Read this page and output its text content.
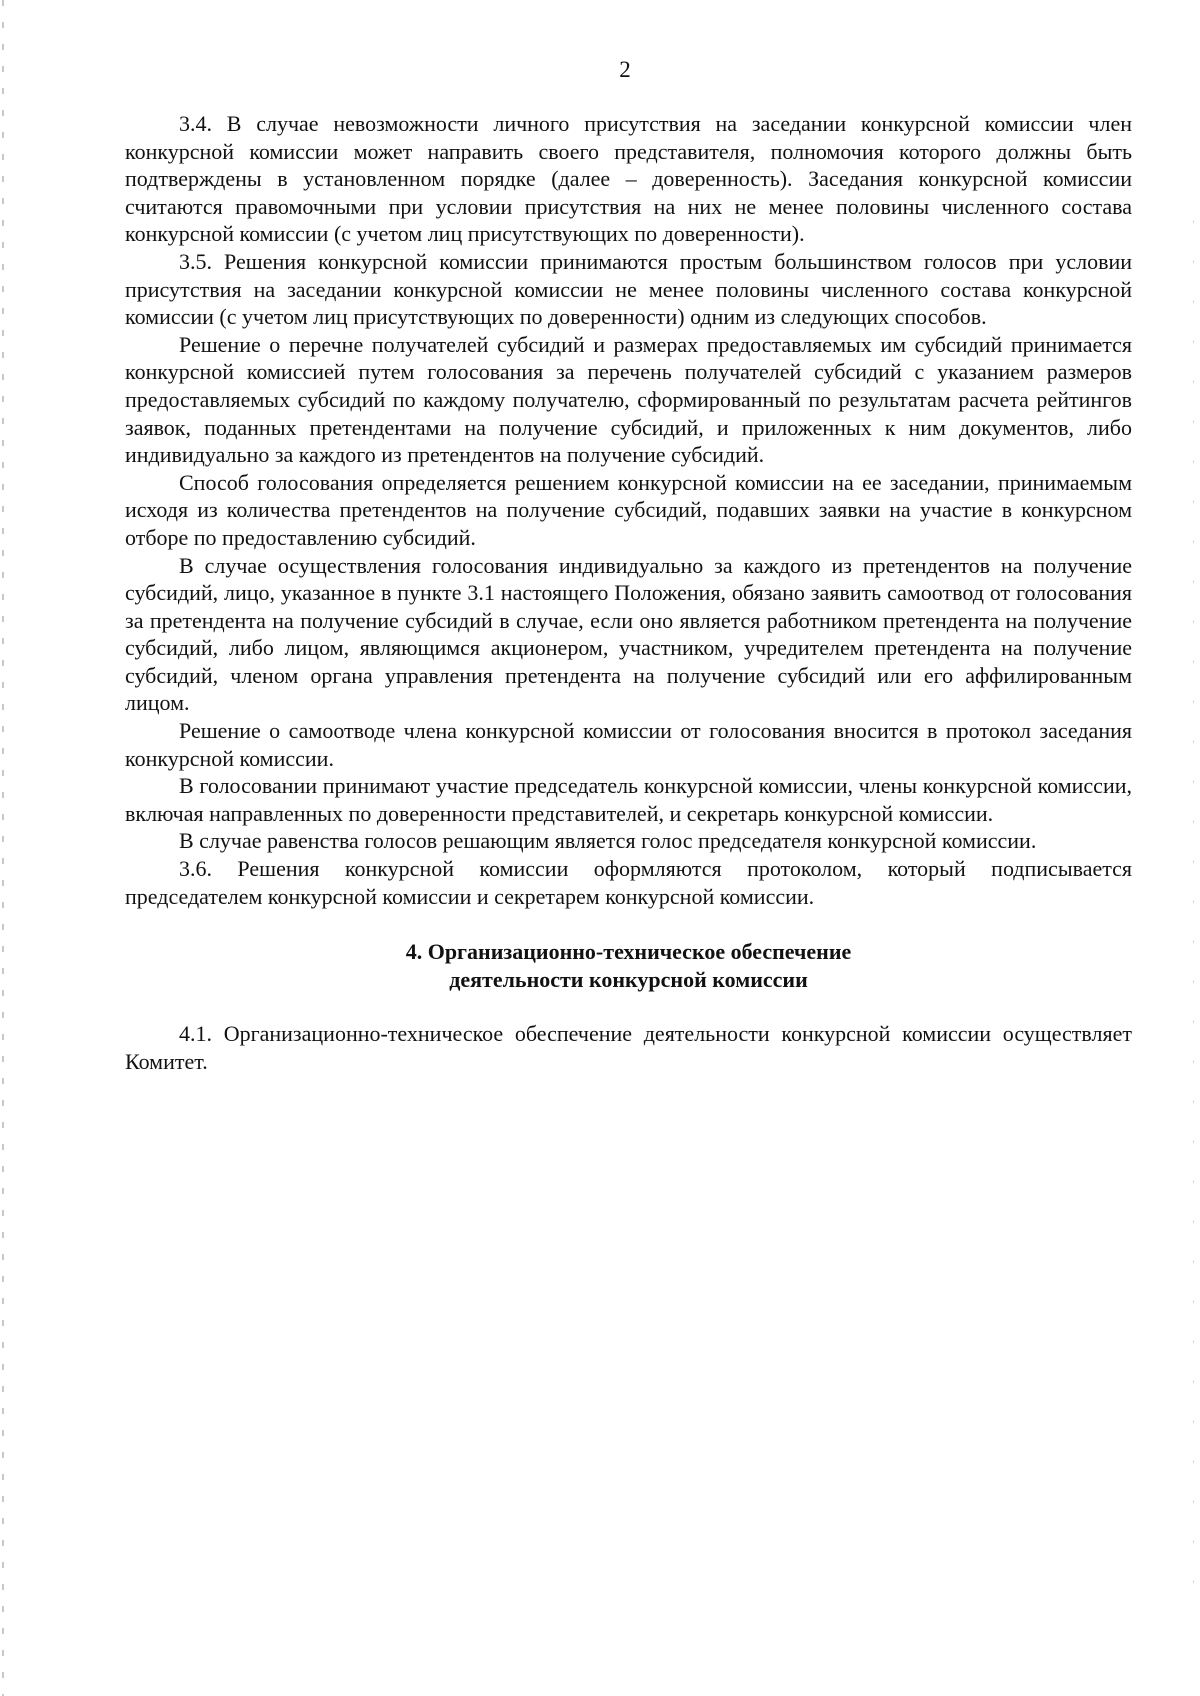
2

3.4. В случае невозможности личного присутствия на заседании конкурсной комиссии член конкурсной комиссии может направить своего представителя, полномочия которого должны быть подтверждены в установленном порядке (далее – доверенность). Заседания конкурсной комиссии считаются правомочными при условии присутствия на них не менее половины численного состава конкурсной комиссии (с учетом лиц присутствующих по доверенности).

3.5. Решения конкурсной комиссии принимаются простым большинством голосов при условии присутствия на заседании конкурсной комиссии не менее половины численного состава конкурсной комиссии (с учетом лиц присутствующих по доверенности) одним из следующих способов.

Решение о перечне получателей субсидий и размерах предоставляемых им субсидий принимается конкурсной комиссией путем голосования за перечень получателей субсидий с указанием размеров предоставляемых субсидий по каждому получателю, сформированный по результатам расчета рейтингов заявок, поданных претендентами на получение субсидий, и приложенных к ним документов, либо индивидуально за каждого из претендентов на получение субсидий.

Способ голосования определяется решением конкурсной комиссии на ее заседании, принимаемым исходя из количества претендентов на получение субсидий, подавших заявки на участие в конкурсном отборе по предоставлению субсидий.

В случае осуществления голосования индивидуально за каждого из претендентов на получение субсидий, лицо, указанное в пункте 3.1 настоящего Положения, обязано заявить самоотвод от голосования за претендента на получение субсидий в случае, если оно является работником претендента на получение субсидий, либо лицом, являющимся акционером, участником, учредителем претендента на получение субсидий, членом органа управления претендента на получение субсидий или его аффилированным лицом.

Решение о самоотводе члена конкурсной комиссии от голосования вносится в протокол заседания конкурсной комиссии.

В голосовании принимают участие председатель конкурсной комиссии, члены конкурсной комиссии, включая направленных по доверенности представителей, и секретарь конкурсной комиссии.

В случае равенства голосов решающим является голос председателя конкурсной комиссии.

3.6. Решения конкурсной комиссии оформляются протоколом, который подписывается председателем конкурсной комиссии и секретарем конкурсной комиссии.

4. Организационно-техническое обеспечение
деятельности конкурсной комиссии

4.1. Организационно-техническое обеспечение деятельности конкурсной комиссии осуществляет Комитет.
